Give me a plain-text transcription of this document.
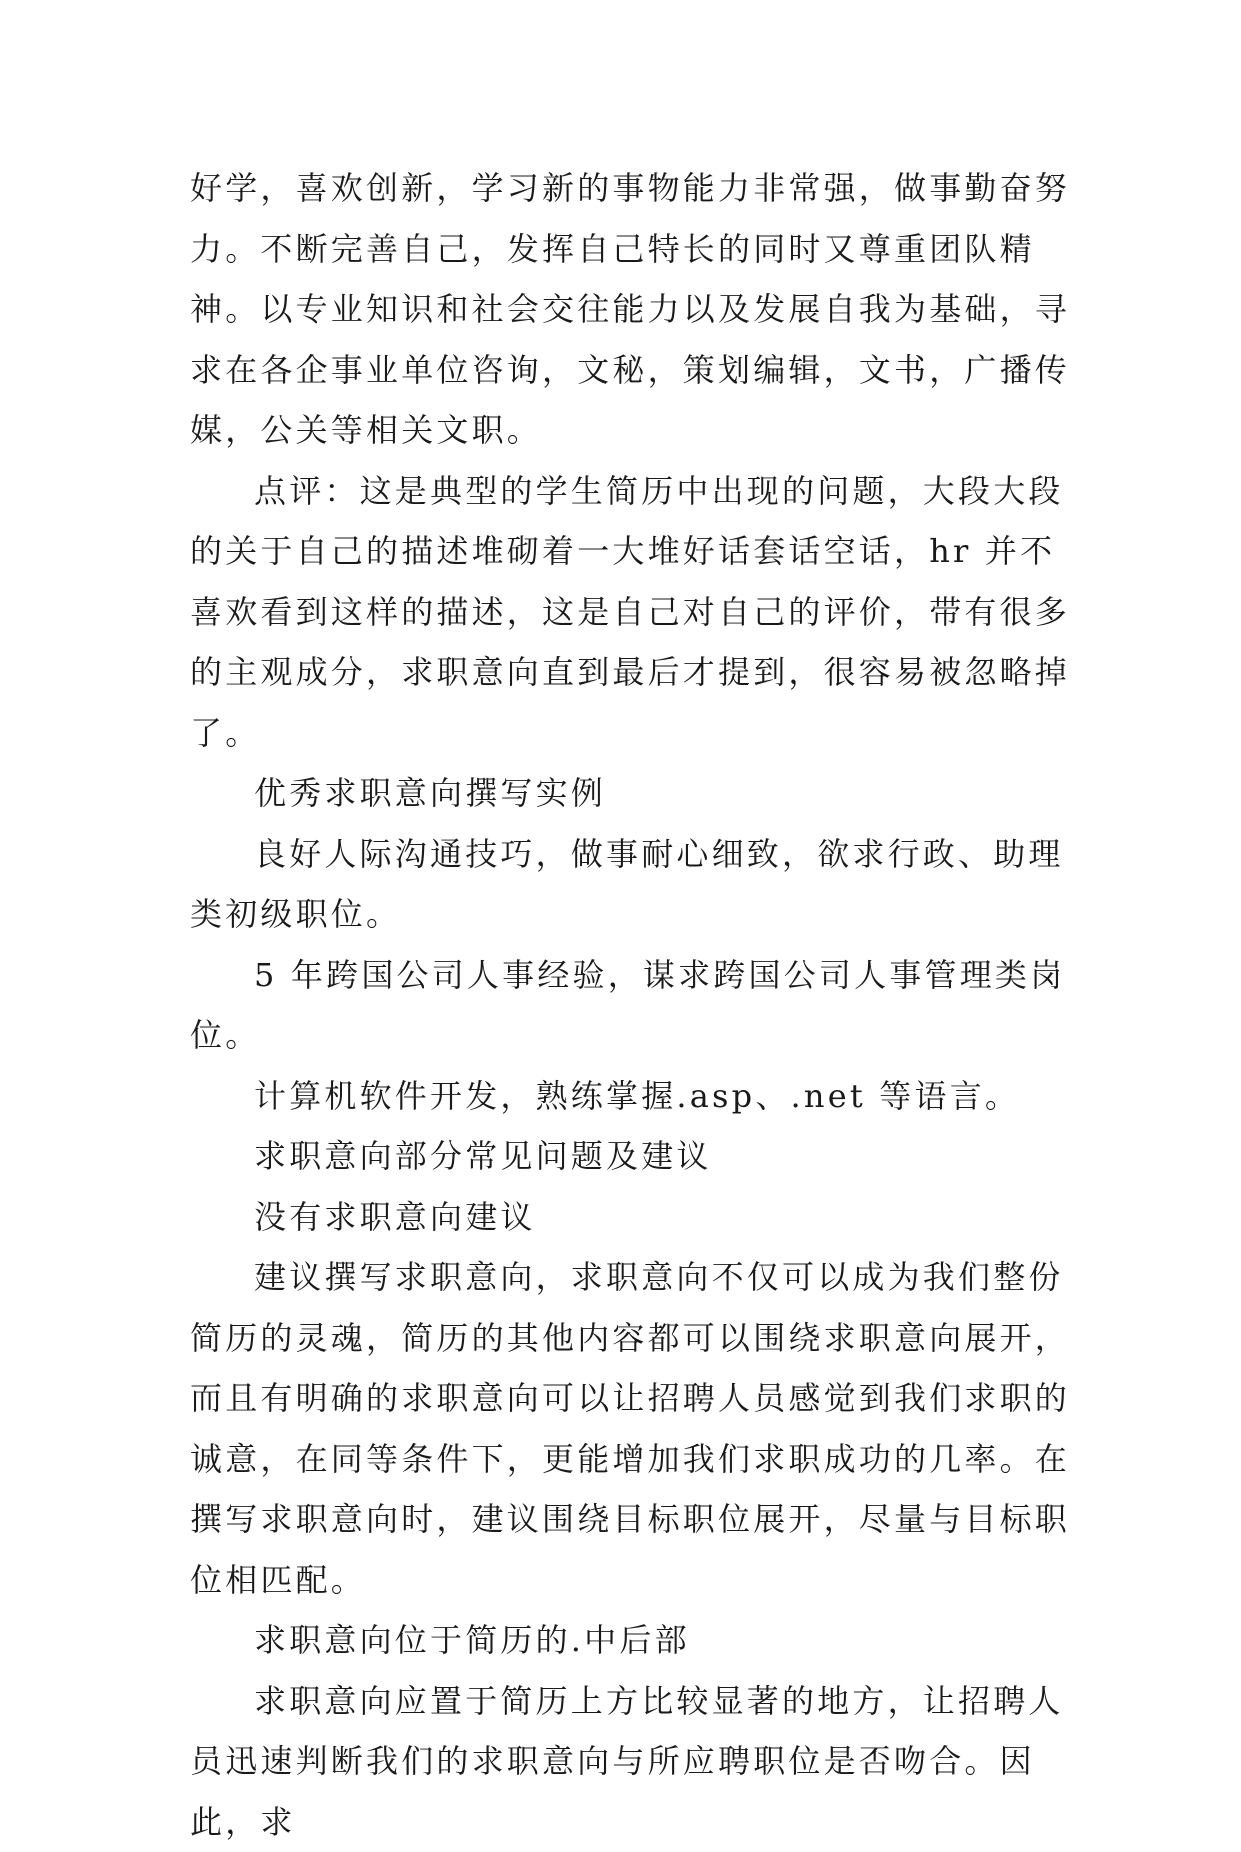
好学，喜欢创新，学习新的事物能力非常强，做事勤奋努力。不断完善自己，发挥自己特长的同时又尊重团队精神。以专业知识和社会交往能力以及发展自我为基础，寻求在各企事业单位咨询，文秘，策划编辑，文书，广播传媒，公关等相关文职。

点评：这是典型的学生简历中出现的问题，大段大段的关于自己的描述堆砌着一大堆好话套话空话，hr 并不喜欢看到这样的描述，这是自己对自己的评价，带有很多的主观成分，求职意向直到最后才提到，很容易被忽略掉了。

优秀求职意向撰写实例

良好人际沟通技巧，做事耐心细致，欲求行政、助理类初级职位。

5 年跨国公司人事经验，谋求跨国公司人事管理类岗位。

计算机软件开发，熟练掌握.asp、.net 等语言。

求职意向部分常见问题及建议

没有求职意向建议

建议撰写求职意向，求职意向不仅可以成为我们整份简历的灵魂，简历的其他内容都可以围绕求职意向展开，而且有明确的求职意向可以让招聘人员感觉到我们求职的诚意，在同等条件下，更能增加我们求职成功的几率。在撰写求职意向时，建议围绕目标职位展开，尽量与目标职位相匹配。

求职意向位于简历的.中后部

求职意向应置于简历上方比较显著的地方，让招聘人员迅速判断我们的求职意向与所应聘职位是否吻合。因此，求
